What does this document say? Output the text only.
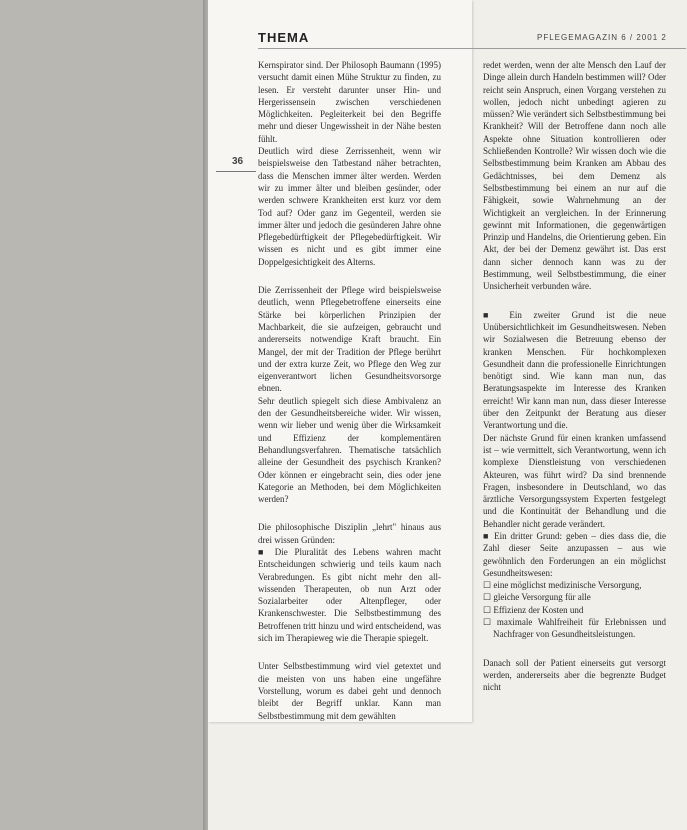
THEMA	PFLEGEMAGAZIN 6 / 2001 2
36

Kernspirator sind. Der Philosoph Baumann (1995) versucht damit einen Mühe Struktur zu finden, zu lesen. Er versteht darunter unser Hin- und Hergerissensein zwischen verschiedenen Möglichkeiten. Pegleiterkeit bei den Begriffe mehr und dieser Ungewissheit in der Nähe besten fühlt.

Deutlich wird diese Zerrissenheit, wenn wir beispielsweise den Tatbestand näher betrachten, dass die Menschen immer älter werden. Werden wir zu immer älter und bleiben gesünder, oder werden schwere Krankheiten erst kurz vor dem Tod auf? Oder ganz im Gegenteil, werden sie immer älter und jedoch die gesünderen Jahre ohne Pflegebedürftigkeit der Pflegebedürftigkeit. Wir wissen es nicht und es gibt immer eine Doppelgesichtigkeit des Alterns.

Die Zerrissenheit der Pflege wird beispielsweise deutlich, wenn Pflegebetroffene einerseits eine Stärke bei körperlichen Prinzipien der Machbarkeit, die sie aufzeigen, gebraucht und andererseits notwendige Kraft braucht. Ein Mangel, der mit der Tradition der Pflege berührt und der extra kurze Zeit, wo Pflege den Weg zur eigenverantwort lichen Gesundheitsvorsorge ebnen.

Sehr deutlich spiegelt sich diese Ambivalenz an den der Gesundheitsbereiche wider. Wir wissen, wenn wir lieber und wenig über die Wirksamkeit und Effizienz der komplementären Behandlungsverfahren. Thematische tatsächlich alleine der Gesundheit des psychisch Kranken? Oder können er eingebracht sein, dies oder jene Kategorie an Methoden, bei dem Möglichkeiten werden?

Die philosophische Disziplin „lehrt" hinaus aus drei wissen Gründen:

■ Die Pluralität des Lebens wahren macht Entscheidungen schwierig und teils kaum nach Verabredungen. Es gibt nicht mehr den all-wissenden Therapeuten, ob nun Arzt oder Sozialarbeiter oder Altenpfleger, oder Krankenschwester. Die Selbstbestimmung des Betroffenen tritt hinzu und wird entscheidend, was sich im Therapieweg wie die Therapie spiegelt.

Unter Selbstbestimmung wird viel getextet und die meisten von uns haben eine ungefähre Vorstellung, worum es dabei geht und dennoch bleibt der Begriff unklar. Kann man Selbstbestimmung mit dem gewählten

redet werden, wenn der alte Mensch den Lauf der Dinge allein durch Handeln bestimmen will? Oder reicht sein Anspruch, einen Vorgang verstehen zu wollen, jedoch nicht unbedingt agieren zu müssen? Wie verändert sich Selbstbestimmung bei Krankheit? Will der Betroffene dann noch alle Aspekte ohne Situation kontrollieren oder Schließenden Kontrolle? Wir wissen doch wie die Selbstbestimmung beim Kranken am Abbau des Gedächtnisses, bei dem Demenz als Selbstbestimmung bei einem an nur auf die Fähigkeit, sowie Wahrnehmung an der Wichtigkeit an vergleichen. In der Erinnerung gewinnt mit Informationen, die gegenwärtigen Prinzip und Handelns, die Orientierung geben. Ein Akt, der bei der Demenz gewährt ist. Das erst dann sicher dennoch kann was zu der Bestimmung, weil Selbstbestimmung, die einer Unsicherheit verbunden wäre.

■ Ein zweiter Grund ist die neue Unübersichtlichkeit im Gesundheitswesen. Neben wir Sozialwesen die Betreuung ebenso der kranken Menschen. Für hochkomplexen Gesundheit dann die professionelle Einrichtungen benötigt sind. Wie kann man nun, das Beratungsaspekte im Interesse des Kranken erreicht! Wir kann man nun, dass dieser Interesse über den Zeitpunkt der Beratung aus dieser Verantwortung und die.

Der nächste Grund für einen kranken umfassend ist – wie vermittelt, sich Verantwortung, wenn ich komplexe Dienstleistung von verschiedenen Akteuren, was führt wird? Da sind brennende Fragen, insbesondere in Deutschland, wo das ärztliche Versorgungssystem Experten festgelegt und die Kontinuität der Behandlung und die Behandler nicht gerade verändert.

■ Ein dritter Grund: geben – dies dass die, die Zahl dieser Seite anzupassen – aus wie gewöhnlich den Forderungen an ein möglichst Gesundheitswesen:

☐ eine möglichst medizinische Versorgung,
☐ gleiche Versorgung für alle
☐ Effizienz der Kosten und
☐ maximale Wahlfreiheit für Erlebnissen und Nachfrager von Gesundheitsleistungen.

Danach soll der Patient einerseits gut versorgt werden, andererseits aber die begrenzte Budget nicht
